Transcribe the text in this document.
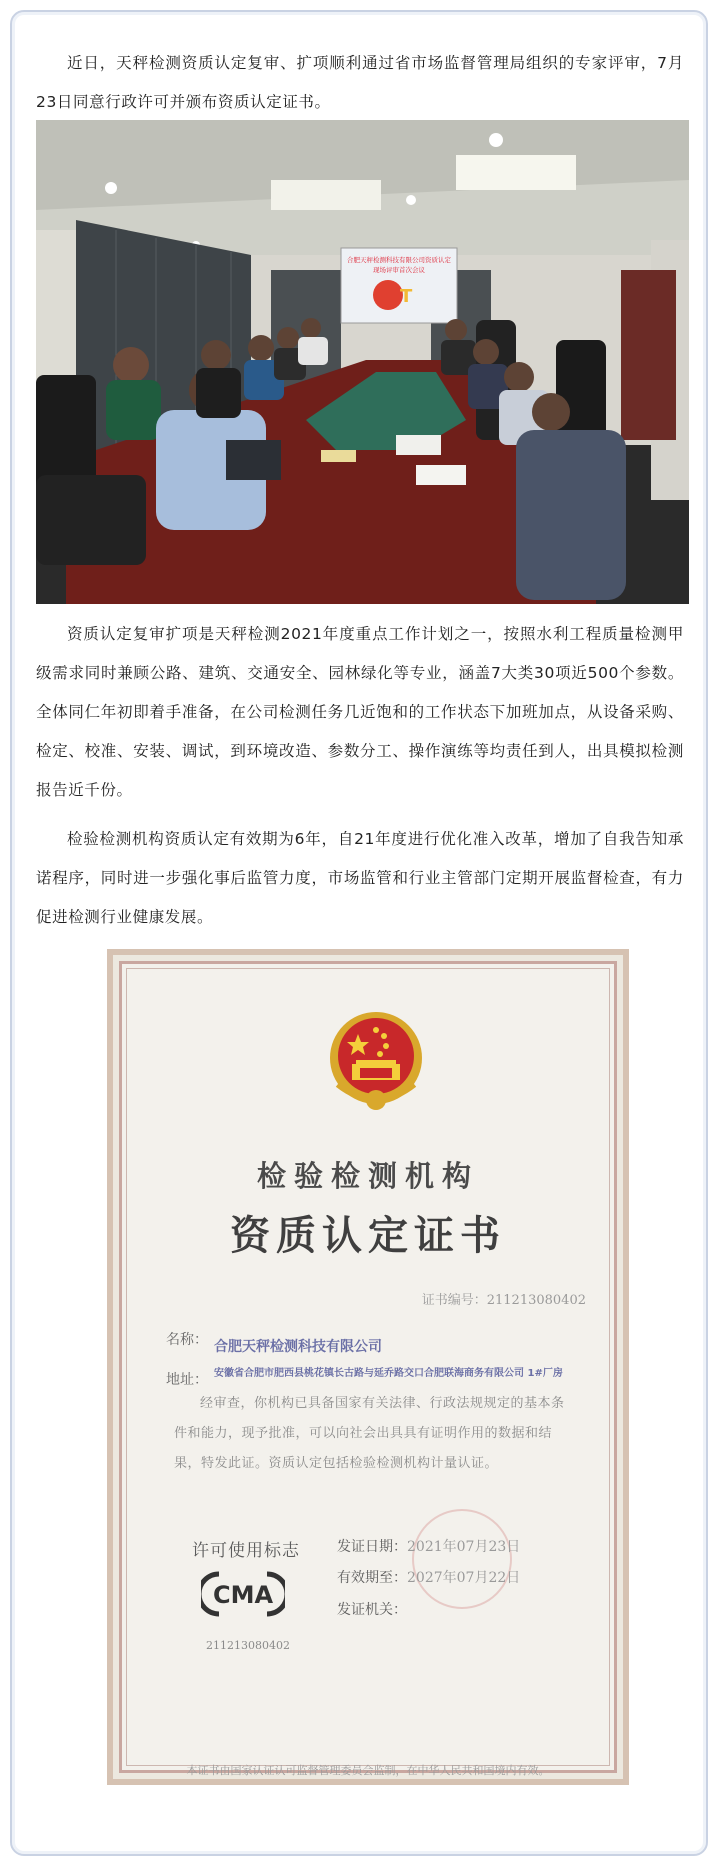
近日，天秤检测资质认定复审、扩项顺利通过省市场监督管理局组织的专家评审，7月23日同意行政许可并颁布资质认定证书。

合肥天秤检测科技有限公司资质认定
现场评审首次会议
T

资质认定复审扩项是天秤检测2021年度重点工作计划之一，按照水利工程质量检测甲级需求同时兼顾公路、建筑、交通安全、园林绿化等专业，涵盖7大类30项近500个参数。全体同仁年初即着手准备，在公司检测任务几近饱和的工作状态下加班加点，从设备采购、检定、校准、安装、调试，到环境改造、参数分工、操作演练等均责任到人，出具模拟检测报告近千份。

检验检测机构资质认定有效期为6年，自21年度进行优化准入改革，增加了自我告知承诺程序，同时进一步强化事后监管力度，市场监管和行业主管部门定期开展监督检查，有力促进检测行业健康发展。

检验检测机构
资质认定证书
证书编号：211213080402
名称： 合肥天秤检测科技有限公司
地址： 安徽省合肥市肥西县桃花镇长古路与延乔路交口合肥联海商务有限公司 1#厂房
经审查，你机构已具备国家有关法律、行政法规规定的基本条件和能力，现予批准，可以向社会出具具有证明作用的数据和结果，特发此证。资质认定包括检验检测机构计量认证。
许可使用标志
CMA
211213080402
发证日期：2021年07月23日
有效期至：2027年07月22日
发证机关：
本证书由国家认证认可监督管理委员会监制，在中华人民共和国境内有效。
